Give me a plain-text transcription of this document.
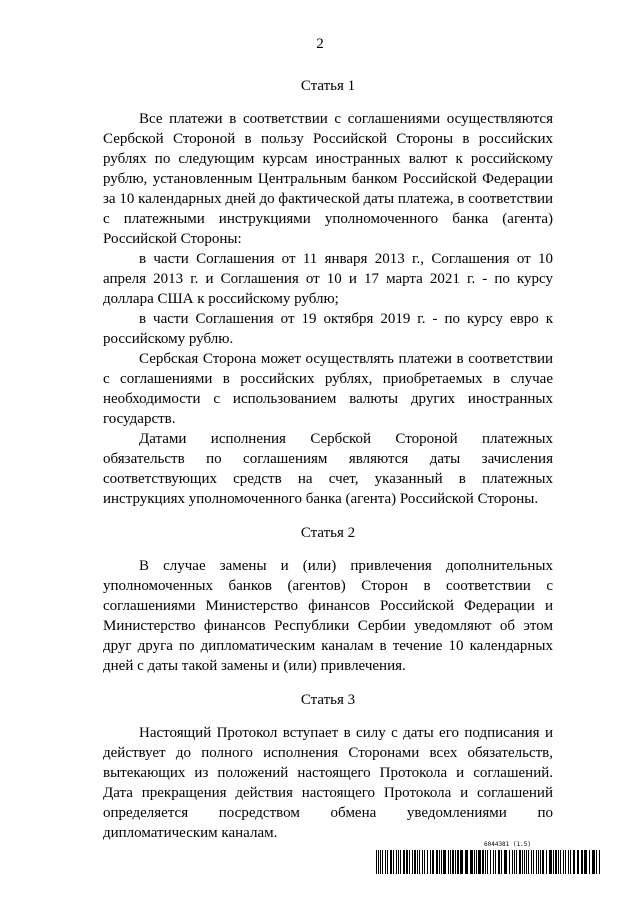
2
Статья 1

Все платежи в соответствии с соглашениями осуществляются Сербской Стороной в пользу Российской Стороны в российских рублях по следующим курсам иностранных валют к российскому рублю, установленным Центральным банком Российской Федерации за 10 календарных дней до фактической даты платежа, в соответствии с платежными инструкциями уполномоченного банка (агента) Российской Стороны:

в части Соглашения от 11 января 2013 г., Соглашения от 10 апреля 2013 г. и Соглашения от 10 и 17 марта 2021 г. - по курсу доллара США к российскому рублю;

в части Соглашения от 19 октября 2019 г. - по курсу евро к российскому рублю.

Сербская Сторона может осуществлять платежи в соответствии с соглашениями в российских рублях, приобретаемых в случае необходимости с использованием валюты других иностранных государств.

Датами исполнения Сербской Стороной платежных обязательств по соглашениям являются даты зачисления соответствующих средств на счет, указанный в платежных инструкциях уполномоченного банка (агента) Российской Стороны.

Статья 2

В случае замены и (или) привлечения дополнительных уполномоченных банков (агентов) Сторон в соответствии с соглашениями Министерство финансов Российской Федерации и Министерство финансов Республики Сербии уведомляют об этом друг друга по дипломатическим каналам в течение 10 календарных дней с даты такой замены и (или) привлечения.

Статья 3

Настоящий Протокол вступает в силу с даты его подписания и действует до полного исполнения Сторонами всех обязательств, вытекающих из положений настоящего Протокола и соглашений. Дата прекращения действия настоящего Протокола и соглашений определяется посредством обмена уведомлениями по дипломатическим каналам.

6044381 (1.5)
